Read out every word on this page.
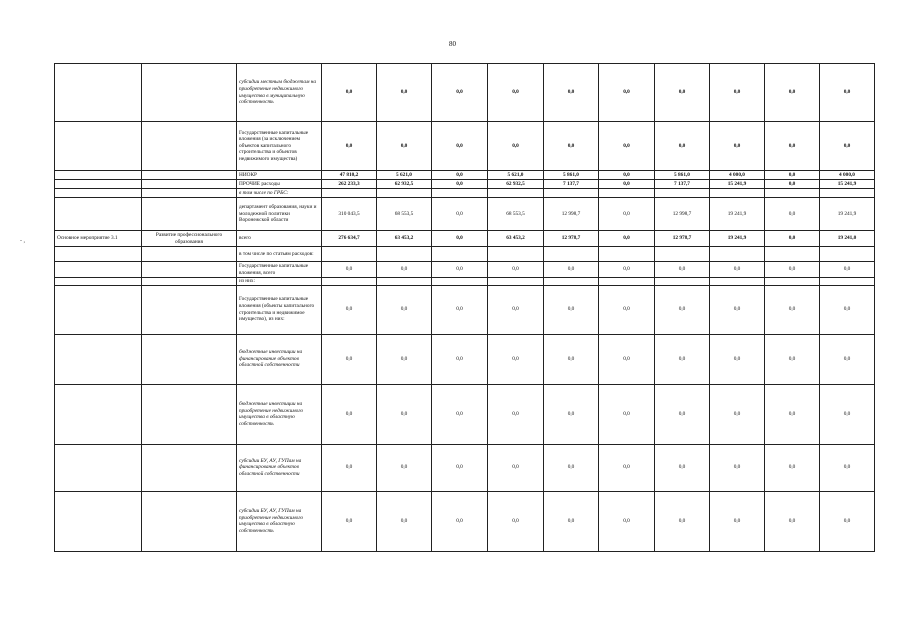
80
- ,
		субсидии местным бюджетам на приобретение недвижимого имущества в муниципальную собственность	0,0	0,0	0,0	0,0	0,0	0,0	0,0	0,0	0,0	0,0
		Государственные капитальные вложения (за исключением объектов капитального строительства и объектов недвижимого имущества)	0,0	0,0	0,0	0,0	0,0	0,0	0,0	0,0	0,0	0,0
		НИОКР	47 810,2	5 621,0	0,0	5 621,0	5 861,0	0,0	5 861,0	4 000,0	0,0	4 000,0
		ПРОЧИЕ расходы	262 233,3	62 932,5	0,0	62 932,5	7 137,7	0,0	7 137,7	15 241,9	0,0	15 241,9
		в том числе по ГРБС:										
		департамент образования, науки и молодежной политики Воронежской области	310 043,5	68 553,5	0,0	68 553,5	12 998,7	0,0	12 998,7	19 241,9	0,0	19 241,9
Основное мероприятие 3.1	Развитие профессионального образования	всего	276 634,7	63 453,2	0,0	63 453,2	12 978,7	0,0	12 978,7	19 241,9	0,0	19 241,0
		в том числе по статьям расходов:										
		Государственные капитальные вложения, всего	0,0	0,0	0,0	0,0	0,0	0,0	0,0	0,0	0,0	0,0
		из них:										
		Государственные капитальные вложения (объекты капитального строительства и недвижимое имущество), из них:	0,0	0,0	0,0	0,0	0,0	0,0	0,0	0,0	0,0	0,0
		бюджетные инвестиции на финансирование объектов областной собственности	0,0	0,0	0,0	0,0	0,0	0,0	0,0	0,0	0,0	0,0
		бюджетные инвестиции на приобретение недвижимого имущества в областную собственность	0,0	0,0	0,0	0,0	0,0	0,0	0,0	0,0	0,0	0,0
		субсидии БУ, АУ, ГУПам на финансирование объектов областной собственности	0,0	0,0	0,0	0,0	0,0	0,0	0,0	0,0	0,0	0,0
		субсидии БУ, АУ, ГУПам на приобретение недвижимого имущества в областную собственность	0,0	0,0	0,0	0,0	0,0	0,0	0,0	0,0	0,0	0,0
